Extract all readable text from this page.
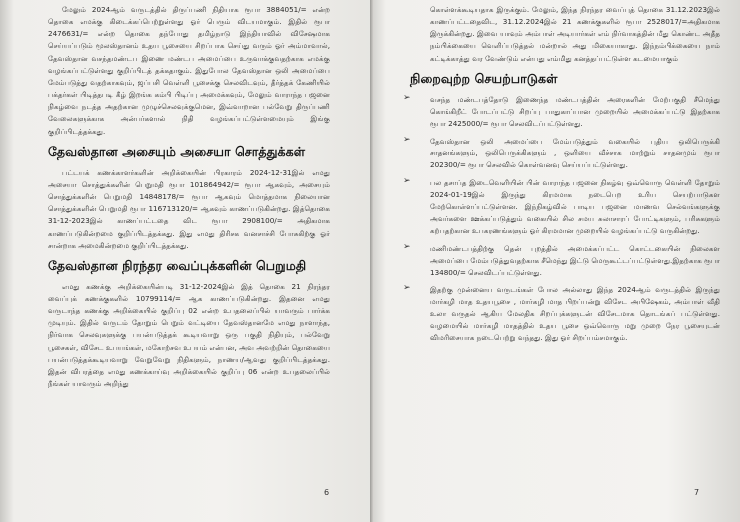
மேலும் 2024ஆம் வருடத்தில் திருப்பணி நிதியாக ரூபா 3884051/= என்ற தொகை எமக்கு கிடைக்கப்பெற்றுள்ளது ஓர் பெரும் விடயமாகும். இதில் ரூபா 2476631/= என்ற தொகை தந்போது தமிழ்நாடு இந்தியாவில் விசேஷமாக செய்யப்படும் மூலஸ்தானம் உதய பூசையை சிறப்பாக செய்து வரும் ஓர் அம்மாவால், தேவஸ்தான வசந்தமண்டப இணை மண்டப அமைப்பை உருவாக்குவதற்காக எமக்கு வழங்கப்பட்டுள்ளது குறிப்பிடத் தக்கதாகும். இதுபோல தேவஸ்தான ஒலி அமைப்பை மேம்படுத்து வதற்காகவும், ஜப்பசி வெள்ளி பூசைக்கு செலவிடவும், தீர்த்தக் கேணியில் பக்தர்கள் பிடித்தபடி கீழ் இறங்க கம்பி பிடிப்பு அமைக்கவும், மேலும் வாராந்த பஜனை நிகழ்வை நடத்த அதற்கான முழுச்செலவுக்குமென, இவ்வாறான பல்வேறு திருப்பணி வேலைகளுக்காக அன்பர்களால் நிதி வழங்கப்பட்டுள்ளமையும் இங்கு குறிப்பிடத்தக்கது.

தேவஸ்தான அசையும் அசையா சொத்துக்கள்

பட்டயக் கணக்காளர்களின் அறிக்கையின் பிரகாரம் 2024-12-31இல் எமது அசையா சொத்துக்களின் பெறுமதி ரூபா 101864942/= ரூபா ஆகவும், அசையும் சொத்துக்களின் பெறுமதி 14848178/= ரூபா ஆகவும் மொத்தமாக நிலையான சொத்துக்களின் பெறுமதி ரூபா 116713120/= ஆகவும் காணப்படுகின்றது. இத்தொகை 31-12-2023இல் காணப்பட்டதை விட ரூபா 2908100/= அதிகமாக காணப்படுகின்றமை குறிப்பிடத்தக்கது. இது எமது திரிசக வனசாச்சி போசுகிற்கு ஓர் சான்றாக அமைகின்றமை குறிப்பிடத்தக்கது.

தேவஸ்தான நிரந்தர வைப்புக்களின் பெறுமதி

எமது கணக்கு அறிக்கையின்படி 31-12-2024இல் இத் தொகை 21 நிரந்தர வைப்புக் கணக்குகளில் 10799114/= ஆக காணப்படுகின்றது. இதனை எமது வருடாந்த கணக்கு அறிக்கையில் குறிப்பு 02 என்ற உபதலைப்பில் யாவரும் பார்க்க முடியும். இதில் வருடம் தோறும் பெறும் வட்டியை தேவஸ்தானமே எமது நாளாந்த, நிர்வாக செலவுகளுக்கு பயன்படுத்தக் கூடியவாறு ஒரு பகுதி நிதியும், பல்வேறு பூசைகள், விசேட உபயங்கள், மகோற்சவ உபயம் என்பன, அவ அவற்றின் தொகையை பயன்படுத்தக்கூடியவாறு வேறுவேறு நிதிகளும், நாணய/ஆவது குறிப்பிடத்தக்கது. இதன் விபரத்தை எமது கணக்காய்வு அறிக்கையில் குறிப்பு 06 என்ற உபதலைப்பில் நீங்கள் யாவரும் அறிந்து

6

கொள்ளக்கூடியதாக இருக்கும். மேலும், இந்த நிரந்தர வைப்புத் தொகை 31.12.2023இல் காணப்பட்டதைவிட, 31.12.2024இல் 21 கணக்குகளில் ரூபா 2528017/=அதிகமாக இருக்கின்றது. இவை யாவும் அம்பாள் அடியார்கள் எம் நிர்வாகத்தின் மீது கொண்ட அதீத நம்பிக்கையை வெளிப்படுத்தல் மன்றால் அது மிகையாகாது. இந்நம்பிக்கையை நாம் கட்டிக்காத்து வர வேண்டும் என்பது எம்மிது கனத்தப்பட்டுள்ள கடமையாகும்

நிறைவுற்ற செயற்பாடுகள்
➢	வசந்த மண்டபத்தோடு இணைந்த மண்டபத்தின் அரைகளின் மேற்பகுதி சீமெந்து கொங்கிறீட் போடப்பட்டு சிறப்பு பாதுகாப்பான முறையில் அமைக்கப்பட்டு இதற்காக ரூபா 2425000/= ரூபா செலவிடப்பட்டுள்ளது.

➢	தேவஸ்தான ஒலி அமைப்பை மேம்படுத்தும் வகையில் புதிய ஒலிபெருக்கி சாதனங்களும், ஒலிபெருக்கிகளும் , ஒளியை வீச்சாக மாற்றும் சாதனமும் ரூபா 202300/= ரூபா செலவில் கொள்வனவு செய்யப்பட்டுள்ளது.

➢	பல தசாப்த இடைவெளியின் பின் வாராந்த பஜனை நிகழ்வு ஒவ்வொரு வெள்ளி தோறும் 2024-01-19இல் இருந்து கிரமமாக நடைபெற உரிய செயற்பாடுகள மேற்கொள்ளப்பட்டுள்ளன. இந்நிகழ்வில் பாடிய பஜனை மாணவ செல்வங்களுக்கு அவர்களை ஊக்கப்படுத்தும் வகையில் சில சமய சுலாசாரப் போட்டிகளும், பரிசுகளும் கற்பதற்கான உபகரணங்களும் ஓர் கிரமமான முறையில் வழங்கப்பட்டு வருகின்றது.

➢	மணிமண்டபத்திற்கு தென் புறத்தில் அமைக்கப்பட்ட கொட்டகையின் நிலைகள அமைப்பை மேம்படுத்துவதற்காக சீமெந்து இட்டு மெருகூட்டப்பட்டுள்ளது.இதற்காக ரூபா 134800/= செலவிடப்பட்டுள்ளது.

➢	இதற்கு முன்னைய வருடங்கள் போல அல்லாது இந்த 2024ஆம் வருடத்தில் இருந்து மார்கழி மாத உதயபூசை , மார்கழி மாத பிறப்பன்று விசேட அபிஷேகம், அம்பாள் வீதி உலா வருதல் ஆகிய மேலதிக சிறப்புக்களுடன் விசேடமாக தொடங்கப் பட்டுள்ளது. வழமையில் மார்கழி மாதத்தில் உதய பூசை ஒவ்வொரு மறு முறை நேர பூசையுடன் விமரிசையாக நடைபெற்று வந்தது. இது ஓர் சிறப்பம்சமாகும்.

7
